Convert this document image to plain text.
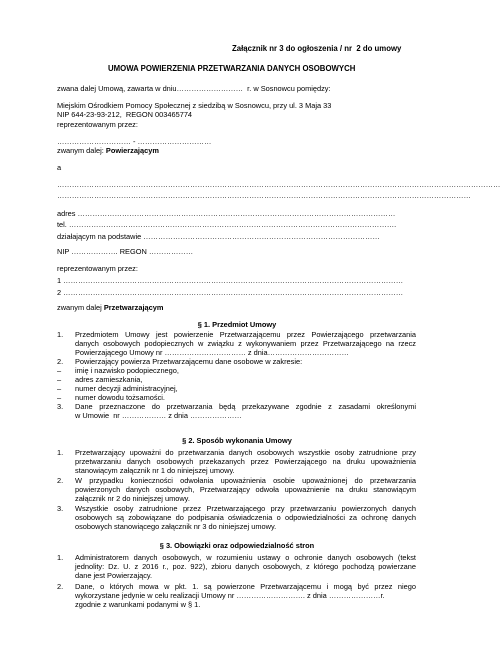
Załącznik nr 3 do ogłoszenia / nr  2 do umowy
UMOWA POWIERZENIA PRZETWARZANIA DANYCH OSOBOWYCH
zwana dalej Umową, zawarta w dniu………………………  r. w Sosnowcu pomiędzy:
Miejskim Ośrodkiem Pomocy Społecznej z siedzibą w Sosnowcu, przy ul. 3 Maja 33
NIP 644-23-93-212,  REGON 003465774
reprezentowanym przez:
………………………… - …………………………
zwanym dalej: Powierzającym
a
………………………………………………………………………………………………………………………………………………………………
……………………………………………………………………………………………………………………………………………………
adres …………………………………………………………………………………………………………………
tel. …………………………………………………………………………………………………………………….
działającym na podstawie ……………………………………………………………………………………
NIP ………………. REGON ………………
reprezentowanym przez:
1 …………………………………………………………………………………………………………………………
2 …………………………………………………………………………………………………………………………
zwanym dalej Przetwarzającym
§ 1. Przedmiot Umowy
1. Przedmiotem Umowy jest powierzenie Przetwarzającemu przez Powierzającego przetwarzania
danych osobowych podopiecznych w związku z wykonywaniem przez Przetwarzającego na rzecz
Powierzającego Umowy nr …………………………… z dnia……………………………
2. Powierzający powierza Przetwarzającemu dane osobowe w zakresie:
– imię i nazwisko podopiecznego,
– adres zamieszkania,
– numer decyzji administracyjnej,
– numer dowodu tożsamości.
3. Dane przeznaczone do przetwarzania będą przekazywane zgodnie z zasadami określonymi
w Umowie  nr ……………… z dnia …………………
§ 2. Sposób wykonania Umowy
1. Przetwarzający upoważni do przetwarzania danych osobowych wszystkie osoby zatrudnione przy
przetwarzaniu danych osobowych przekazanych przez Powierzającego na druku upoważnienia
stanowiącym załącznik nr 1 do niniejszej umowy.
2. W przypadku konieczności odwołania upoważnienia osobie upoważnionej do przetwarzania
powierzonych danych osobowych, Przetwarzający odwoła upoważnienie na druku stanowiącym
załącznik nr 2 do niniejszej umowy.
3. Wszystkie osoby zatrudnione przez Przetwarzającego przy przetwarzaniu powierzonych danych
osobowych są zobowiązane do podpisania oświadczenia o odpowiedzialności za ochronę danych
osobowych stanowiącego załącznik nr 3 do niniejszej umowy.
§ 3. Obowiązki oraz odpowiedzialność stron
1. Administratorem danych osobowych, w rozumieniu ustawy o ochronie danych osobowych (tekst
jednolity: Dz. U. z 2016 r., poz. 922), zbioru danych osobowych, z którego pochodzą powierzane
dane jest Powierzający.
2. Dane, o których mowa w pkt. 1. są powierzone Przetwarzającemu i mogą być przez niego
wykorzystane jedynie w celu realizacji Umowy nr ………………………. z dnia …………………r.
zgodnie z warunkami podanymi w § 1.
